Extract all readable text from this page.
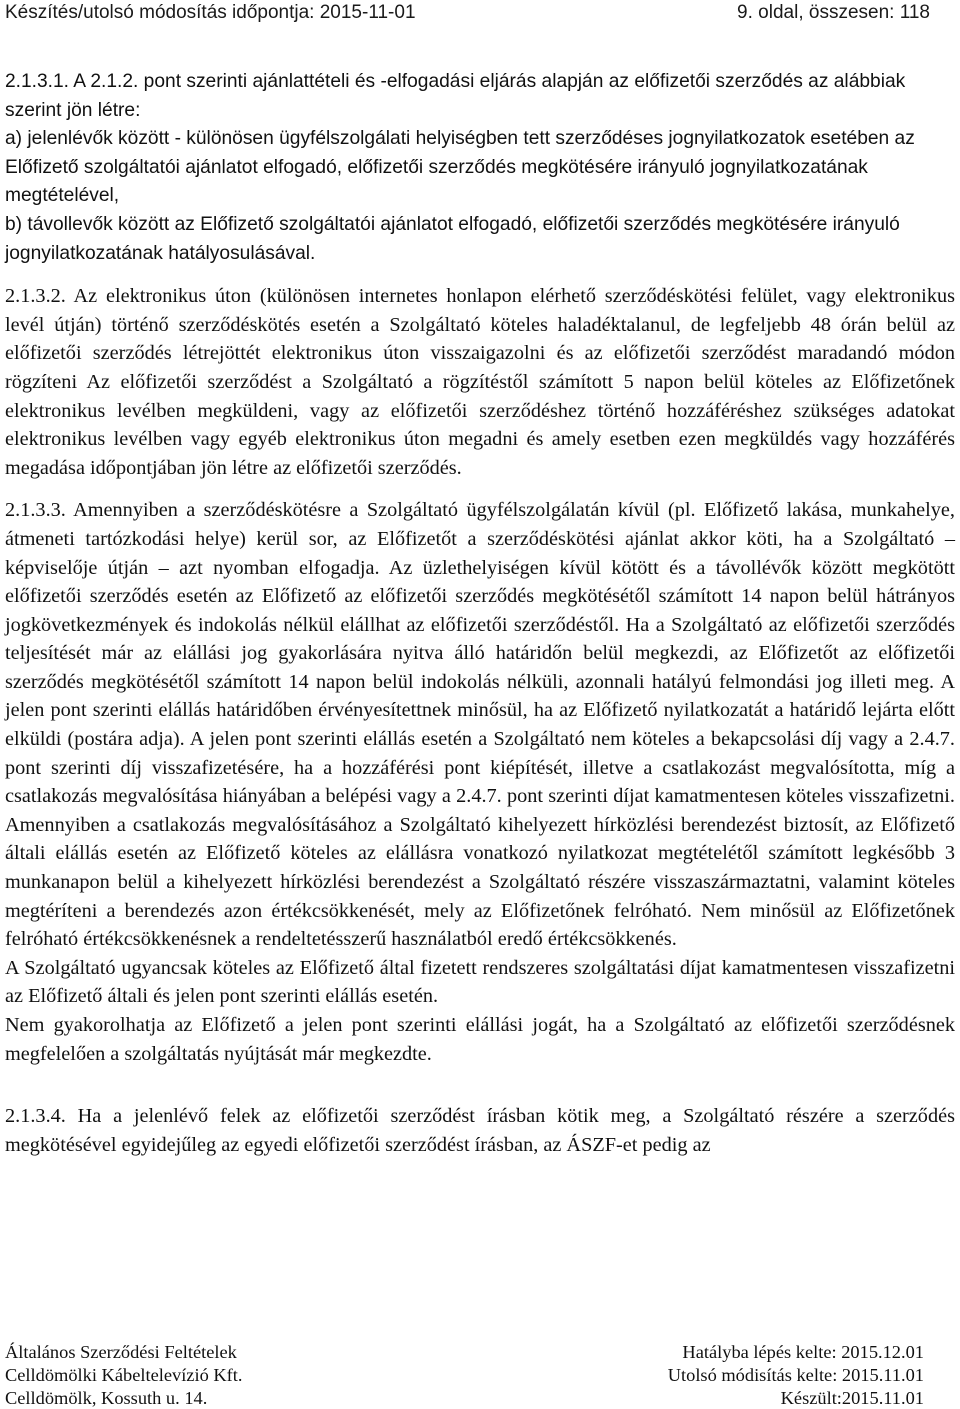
Készítés/utolsó módosítás időpontja: 2015-11-01	9. oldal, összesen: 118
2.1.3.1. A 2.1.2. pont szerinti ajánlattételi és -elfogadási eljárás alapján az előfizetői szerződés az alábbiak szerint jön létre:
a) jelenlévők között - különösen ügyfélszolgálati helyiségben tett szerződéses jognyilatkozatok esetében az Előfizető szolgáltatói ajánlatot elfogadó, előfizetői szerződés megkötésére irányuló jognyilatkozatának megtételével,
b) távollevők között az Előfizető szolgáltatói ajánlatot elfogadó, előfizetői szerződés megkötésére irányuló jognyilatkozatának hatályosulásával.

2.1.3.2. Az elektronikus úton (különösen internetes honlapon elérhető szerződéskötési felület, vagy elektronikus levél útján) történő szerződéskötés esetén a Szolgáltató köteles haladéktalanul, de legfeljebb 48 órán belül az előfizetői szerződés létrejöttét elektronikus úton visszaigazolni és az előfizetői szerződést maradandó módon rögzíteni Az előfizetői szerződést a Szolgáltató a rögzítéstől számított 5 napon belül köteles az Előfizetőnek elektronikus levélben megküldeni, vagy az előfizetői szerződéshez történő hozzáféréshez szükséges adatokat elektronikus levélben vagy egyéb elektronikus úton megadni és amely esetben ezen megküldés vagy hozzáférés megadása időpontjában jön létre az előfizetői szerződés.

2.1.3.3. Amennyiben a szerződéskötésre a Szolgáltató ügyfélszolgálatán kívül (pl. Előfizető lakása, munkahelye, átmeneti tartózkodási helye) kerül sor, az Előfizetőt a szerződéskötési ajánlat akkor köti, ha a Szolgáltató – képviselője útján – azt nyomban elfogadja. Az üzlethelyiségen kívül kötött és a távollévők között megkötött előfizetői szerződés esetén az Előfizető az előfizetői szerződés megkötésétől számított 14 napon belül hátrányos jogkövetkezmények és indokolás nélkül elállhat az előfizetői szerződéstől. Ha a Szolgáltató az előfizetői szerződés teljesítését már az elállási jog gyakorlására nyitva álló határidőn belül megkezdi, az Előfizetőt az előfizetői szerződés megkötésétől számított 14 napon belül indokolás nélküli, azonnali hatályú felmondási jog illeti meg. A jelen pont szerinti elállás határidőben érvényesítettnek minősül, ha az Előfizető nyilatkozatát a határidő lejárta előtt elküldi (postára adja). A jelen pont szerinti elállás esetén a Szolgáltató nem köteles a bekapcsolási díj vagy a 2.4.7. pont szerinti díj visszafizetésére, ha a hozzáférési pont kiépítését, illetve a csatlakozást megvalósította, míg a csatlakozás megvalósítása hiányában a belépési vagy a 2.4.7. pont szerinti díjat kamatmentesen köteles visszafizetni. Amennyiben a csatlakozás megvalósításához a Szolgáltató kihelyezett hírközlési berendezést biztosít, az Előfizető általi elállás esetén az Előfizető köteles az elállásra vonatkozó nyilatkozat megtételétől számított legkésőbb 3 munkanapon belül a kihelyezett hírközlési berendezést a Szolgáltató részére visszaszármaztatni, valamint köteles megtéríteni a berendezés azon értékcsökkenését, mely az Előfizetőnek felróható. Nem minősül az Előfizetőnek felróható értékcsökkenésnek a rendeltetésszerű használatból eredő értékcsökkenés.

A Szolgáltató ugyancsak köteles az Előfizető által fizetett rendszeres szolgáltatási díjat kamatmentesen visszafizetni az Előfizető általi és jelen pont szerinti elállás esetén.

Nem gyakorolhatja az Előfizető a jelen pont szerinti elállási jogát, ha a Szolgáltató az előfizetői szerződésnek megfelelően a szolgáltatás nyújtását már megkezdte.

2.1.3.4. Ha a jelenlévő felek az előfizetői szerződést írásban kötik meg, a Szolgáltató részére a szerződés megkötésével egyidejűleg az egyedi előfizetői szerződést írásban, az ÁSZF-et pedig az

Általános Szerződési Feltételek	Hatályba lépés kelte: 2015.12.01
Celldömölki Kábeltelevízió Kft.	Utolsó módisítás kelte: 2015.11.01
Celldömölk, Kossuth u. 14.	Készült:2015.11.01
